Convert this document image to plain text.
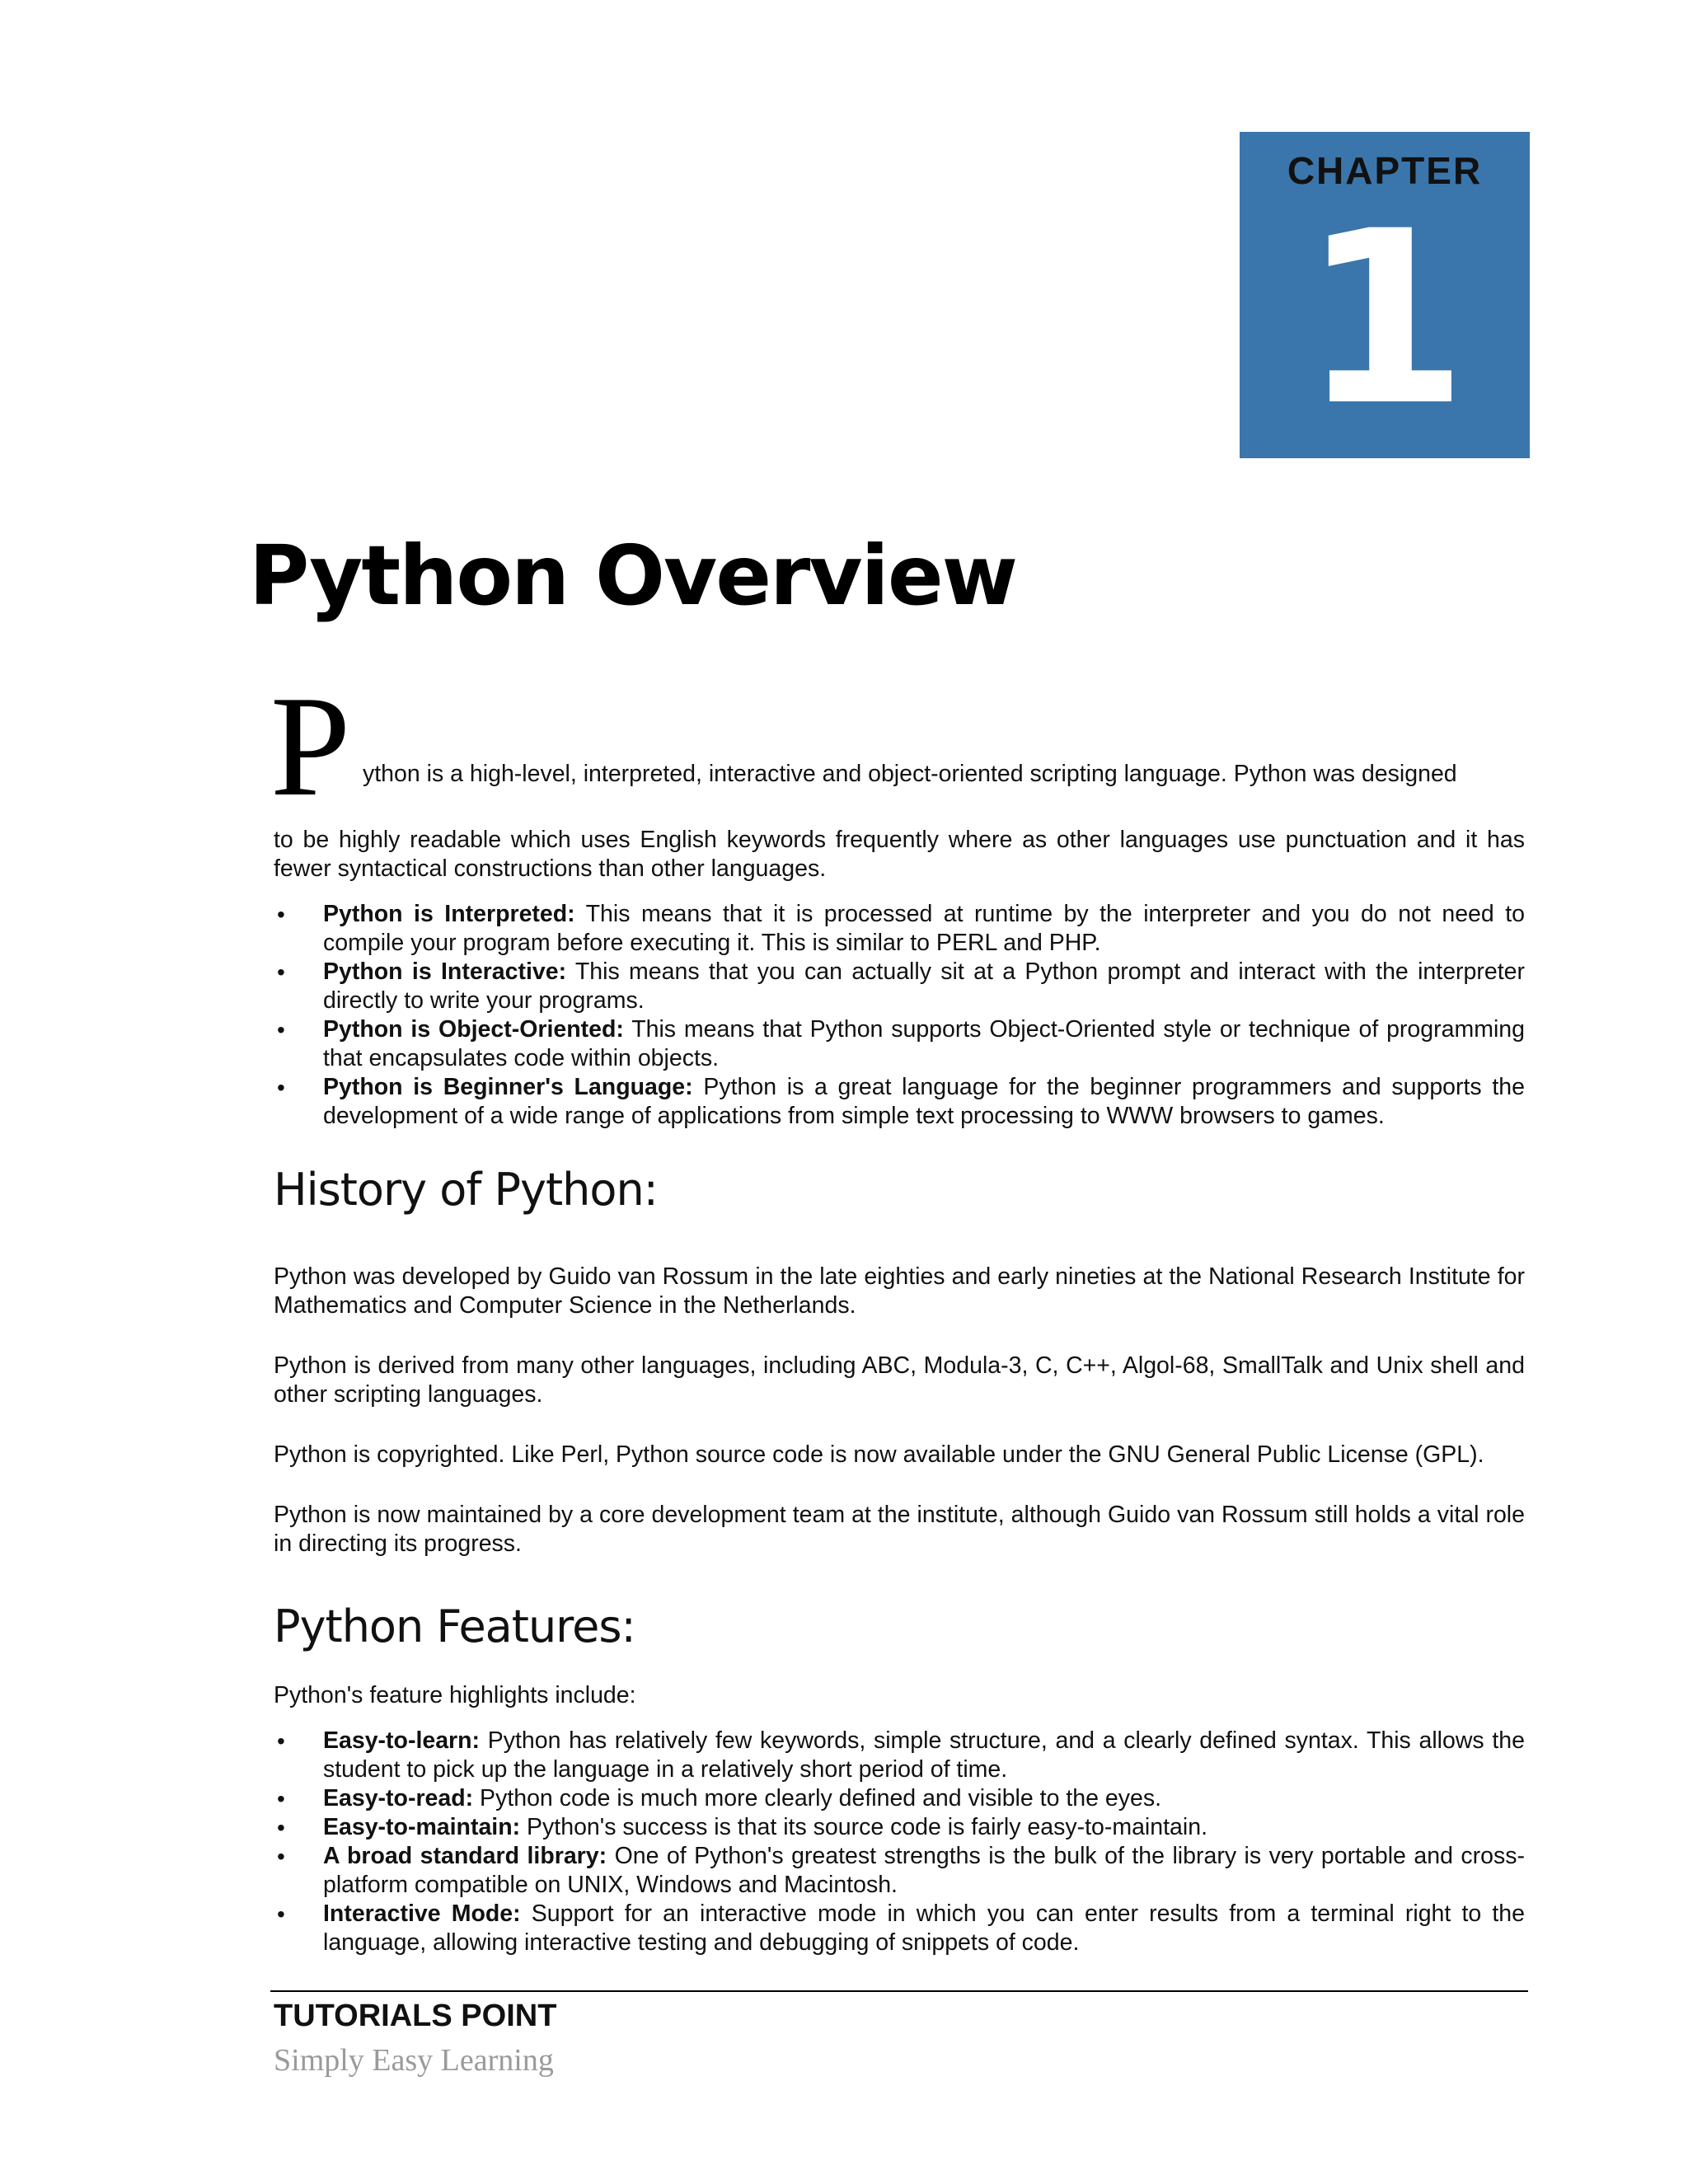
CHAPTER
1
Python Overview
P ython is a high-level, interpreted, interactive and object-oriented scripting language. Python was designed

to be highly readable which uses English keywords frequently where as other languages use punctuation and it has fewer syntactical constructions than other languages.

• Python is Interpreted: This means that it is processed at runtime by the interpreter and you do not need to compile your program before executing it. This is similar to PERL and PHP.
• Python is Interactive: This means that you can actually sit at a Python prompt and interact with the interpreter directly to write your programs.
• Python is Object-Oriented: This means that Python supports Object-Oriented style or technique of programming that encapsulates code within objects.
• Python is Beginner's Language: Python is a great language for the beginner programmers and supports the development of a wide range of applications from simple text processing to WWW browsers to games.
History of Python:

Python was developed by Guido van Rossum in the late eighties and early nineties at the National Research Institute for Mathematics and Computer Science in the Netherlands.

Python is derived from many other languages, including ABC, Modula-3, C, C++, Algol-68, SmallTalk and Unix shell and other scripting languages.

Python is copyrighted. Like Perl, Python source code is now available under the GNU General Public License (GPL).

Python is now maintained by a core development team at the institute, although Guido van Rossum still holds a vital role in directing its progress.

Python Features:

Python's feature highlights include:

• Easy-to-learn: Python has relatively few keywords, simple structure, and a clearly defined syntax. This allows the student to pick up the language in a relatively short period of time.
• Easy-to-read: Python code is much more clearly defined and visible to the eyes.
• Easy-to-maintain: Python's success is that its source code is fairly easy-to-maintain.
• A broad standard library: One of Python's greatest strengths is the bulk of the library is very portable and cross-platform compatible on UNIX, Windows and Macintosh.
• Interactive Mode: Support for an interactive mode in which you can enter results from a terminal right to the language, allowing interactive testing and debugging of snippets of code.
TUTORIALS POINT
Simply Easy Learning
